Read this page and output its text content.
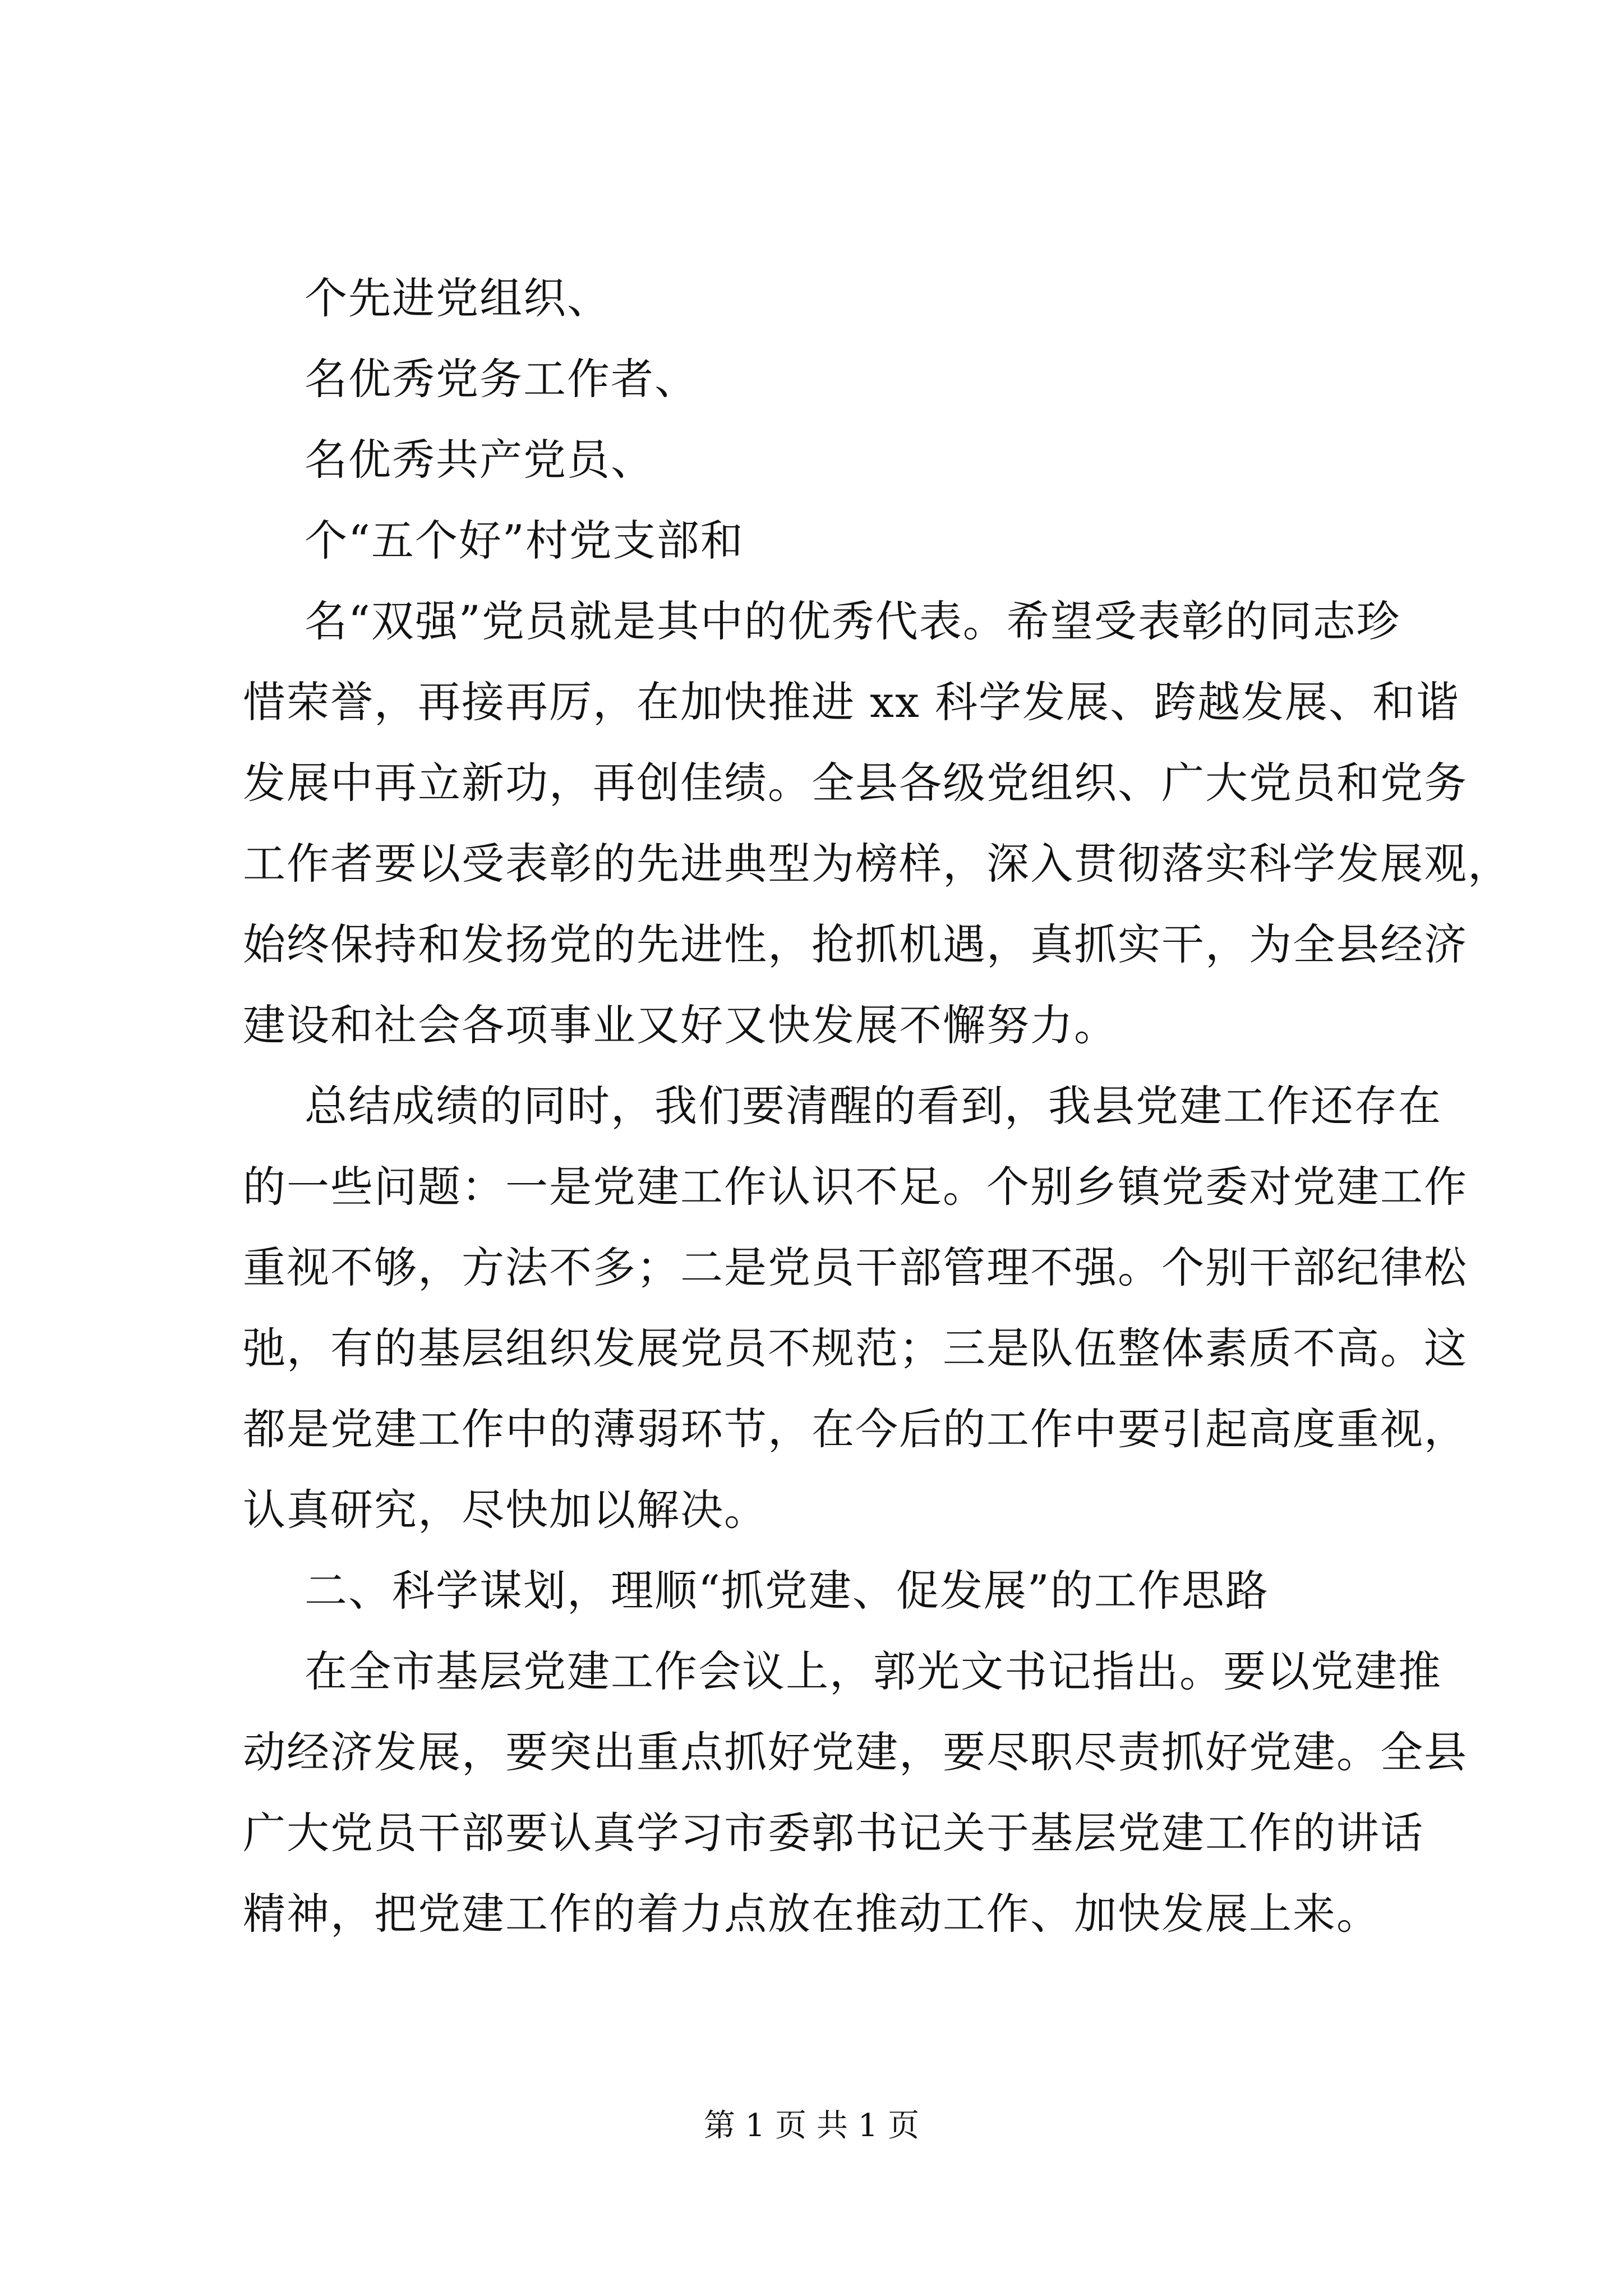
个先进党组织、
名优秀党务工作者、
名优秀共产党员、
个“五个好”村党支部和
名“双强”党员就是其中的优秀代表。希望受表彰的同志珍
惜荣誉，再接再厉，在加快推进 xx 科学发展、跨越发展、和谐
发展中再立新功，再创佳绩。全县各级党组织、广大党员和党务
工作者要以受表彰的先进典型为榜样，深入贯彻落实科学发展观，
始终保持和发扬党的先进性，抢抓机遇，真抓实干，为全县经济
建设和社会各项事业又好又快发展不懈努力。
总结成绩的同时，我们要清醒的看到，我县党建工作还存在
的一些问题：一是党建工作认识不足。个别乡镇党委对党建工作
重视不够，方法不多；二是党员干部管理不强。个别干部纪律松
弛，有的基层组织发展党员不规范；三是队伍整体素质不高。这
都是党建工作中的薄弱环节，在今后的工作中要引起高度重视，
认真研究，尽快加以解决。
二、科学谋划，理顺“抓党建、促发展”的工作思路
在全市基层党建工作会议上，郭光文书记指出。要以党建推
动经济发展，要突出重点抓好党建，要尽职尽责抓好党建。全县
广大党员干部要认真学习市委郭书记关于基层党建工作的讲话
精神，把党建工作的着力点放在推动工作、加快发展上来。
第 1 页 共 1 页
